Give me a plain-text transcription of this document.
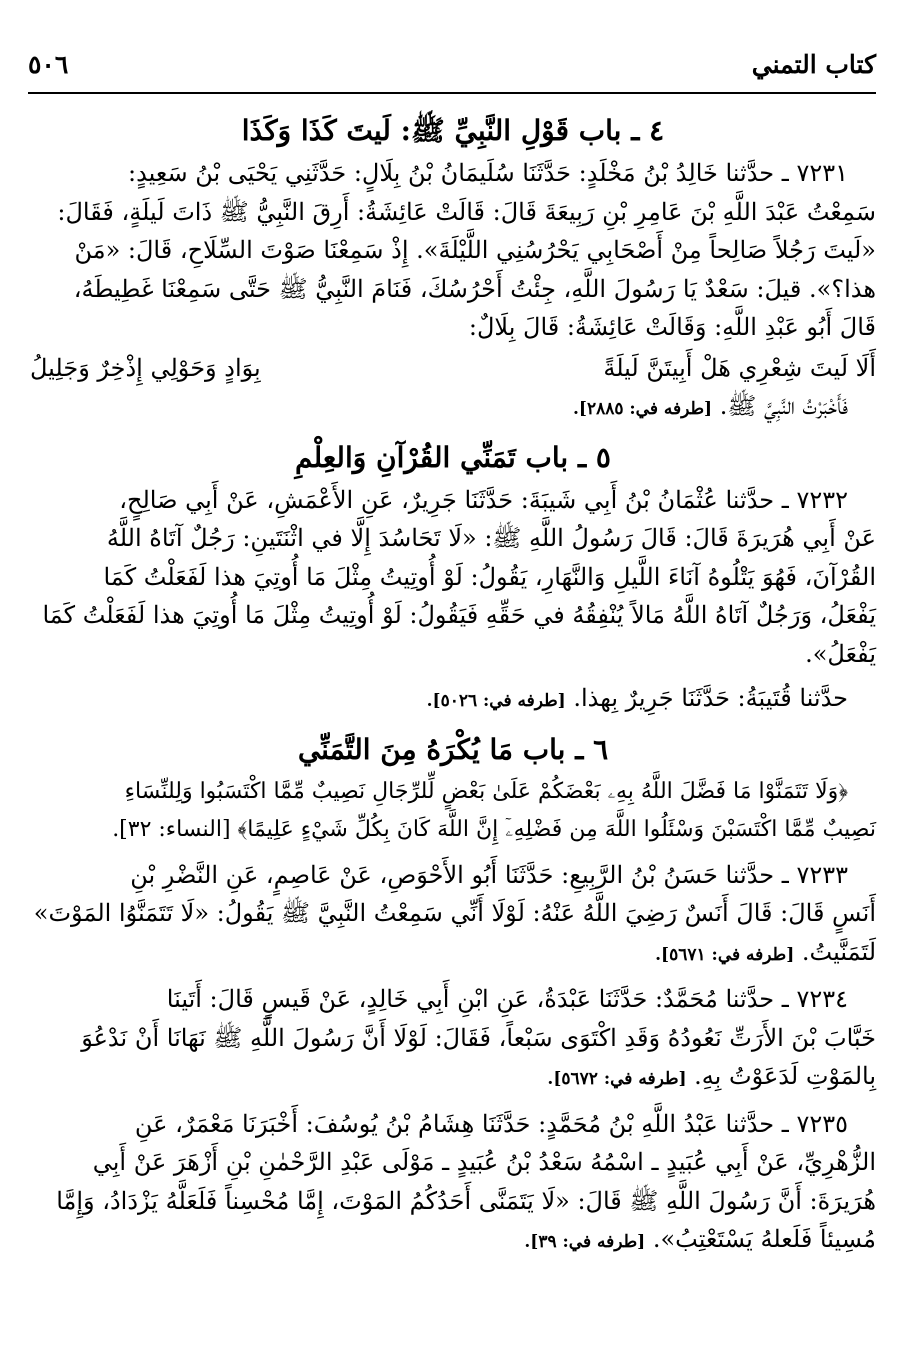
٥٠٦	كتاب التمني
٤ ـ باب قَوْلِ النَّبِيِّ ﷺ: لَيتَ كَذَا وَكَذَا

٧٢٣١ ـ حدَّثنا خَالِدُ بْنُ مَخْلَدٍ: حَدَّثَنَا سُلَيمَانُ بْنُ بِلَالٍ: حَدَّثَنِي يَحْيَى بْنُ سَعِيدٍ:

سَمِعْتُ عَبْدَ اللَّهِ بْنَ عَامِرِ بْنِ رَبِيعَةَ قَالَ: قَالَتْ عَائِشَةُ: أَرِقَ النَّبِيُّ ﷺ ذَاتَ لَيلَةٍ، فَقَالَ:

«لَيتَ رَجُلاً صَالِحاً مِنْ أَصْحَابِي يَحْرُسُنِي اللَّيْلَةَ». إِذْ سَمِعْنَا صَوْتَ السِّلَاحِ، قَالَ: «مَنْ

هذا؟». قيلَ: سَعْدٌ يَا رَسُولَ اللَّهِ، جِئْتُ أَحْرُسُكَ، فَنَامَ النَّبِيُّ ﷺ حَتَّى سَمِعْنَا غَطِيطَهُ،

قَالَ أَبُو عَبْدِ اللَّهِ: وَقَالَتْ عَائِشَةُ: قَالَ بِلَالٌ:

أَلَا لَيتَ شِعْرِي هَلْ أَبِيتَنَّ لَيلَةً
بِوَادٍ وَحَوْلِي إِذْخِرٌ وَجَلِيلُ

فَأَخْبَرْتُ النَّبِيَّ ﷺ. [طرفه في: ٢٨٨٥].

٥ ـ باب تَمَنِّي القُرْآنِ وَالعِلْمِ

٧٢٣٢ ـ حدَّثنا عُثْمَانُ بْنُ أَبِي شَيبَةَ: حَدَّثَنَا جَرِيرٌ، عَنِ الأَعْمَشِ، عَنْ أَبِي صَالِحٍ،

عَنْ أَبِي هُرَيرَةَ قَالَ: قَالَ رَسُولُ اللَّهِ ﷺ: «لَا تَحَاسُدَ إِلَّا في اثْنَتَينِ: رَجُلٌ آتَاهُ اللَّهُ

القُرْآنَ، فَهُوَ يَتْلُوهُ آنَاءَ اللَّيلِ وَالنَّهَارِ، يَقُولُ: لَوْ أُوتِيتُ مِثْلَ مَا أُوتِيَ هذا لَفَعَلْتُ كَمَا

يَفْعَلُ، وَرَجُلٌ آتَاهُ اللَّهُ مَالاً يُنْفِقُهُ في حَقِّهِ فَيَقُولُ: لَوْ أُوتِيتُ مِثْلَ مَا أُوتِيَ هذا لَفَعَلْتُ كَمَا

يَفْعَلُ».

حدَّثنا قُتَيبَةُ: حَدَّثَنَا جَرِيرٌ بِهذا. [طرفه في: ٥٠٢٦].

٦ ـ باب مَا يُكْرَهُ مِنَ التَّمَنِّي

﴿وَلَا تَتَمَنَّوْا مَا فَضَّلَ اللَّهُ بِهِۦ بَعْضَكُمْ عَلَىٰ بَعْضٍ لِّلرِّجَالِ نَصِيبٌ مِّمَّا اكْتَسَبُوا وَلِلنِّسَاءِ

نَصِيبٌ مِّمَّا اكْتَسَبْنَ وَسْئَلُوا اللَّهَ مِن فَضْلِهِۦٓ إِنَّ اللَّهَ كَانَ بِكُلِّ شَيْءٍ عَلِيمًا﴾ [النساء: ٣٢].

٧٢٣٣ ـ حدَّثنا حَسَنُ بْنُ الرَّبِيعِ: حَدَّثَنَا أَبُو الأَحْوَصِ، عَنْ عَاصِمٍ، عَنِ النَّضْرِ بْنِ

أَنَسٍ قَالَ: قَالَ أَنَسٌ رَضِيَ اللَّهُ عَنْهُ: لَوْلَا أَنِّي سَمِعْتُ النَّبِيَّ ﷺ يَقُولُ: «لَا تَتَمَنَّوُا المَوْتَ»

لَتَمَنَّيتُ. [طرفه في: ٥٦٧١].

٧٢٣٤ ـ حدَّثنا مُحَمَّدٌ: حَدَّثَنَا عَبْدَةُ، عَنِ ابْنِ أَبِي خَالِدٍ، عَنْ قَيسٍ قَالَ: أَتَينَا

خَبَّابَ بْنَ الأَرَتِّ نَعُودُهُ وَقَدِ اكْتَوَى سَبْعاً، فَقَالَ: لَوْلَا أَنَّ رَسُولَ اللَّهِ ﷺ نَهَانَا أَنْ نَدْعُوَ

بِالمَوْتِ لَدَعَوْتُ بِهِ. [طرفه في: ٥٦٧٢].

٧٢٣٥ ـ حدَّثنا عَبْدُ اللَّهِ بْنُ مُحَمَّدٍ: حَدَّثَنَا هِشَامُ بْنُ يُوسُفَ: أَخْبَرَنَا مَعْمَرٌ، عَنِ

الزُّهْرِيِّ، عَنْ أَبِي عُبَيدٍ ـ اسْمُهُ سَعْدُ بْنُ عُبَيدٍ ـ مَوْلَى عَبْدِ الرَّحْمٰنِ بْنِ أَزْهَرَ عَنْ أَبِي

هُرَيرَةَ: أَنَّ رَسُولَ اللَّهِ ﷺ قَالَ: «لَا يَتَمَنَّى أَحَدُكُمُ المَوْتَ، إِمَّا مُحْسِناً فَلَعَلَّهُ يَزْدَادُ، وَإِمَّا

مُسِيئاً فَلَعلهُ يَسْتَعْتِبُ». [طرفه في: ٣٩].
